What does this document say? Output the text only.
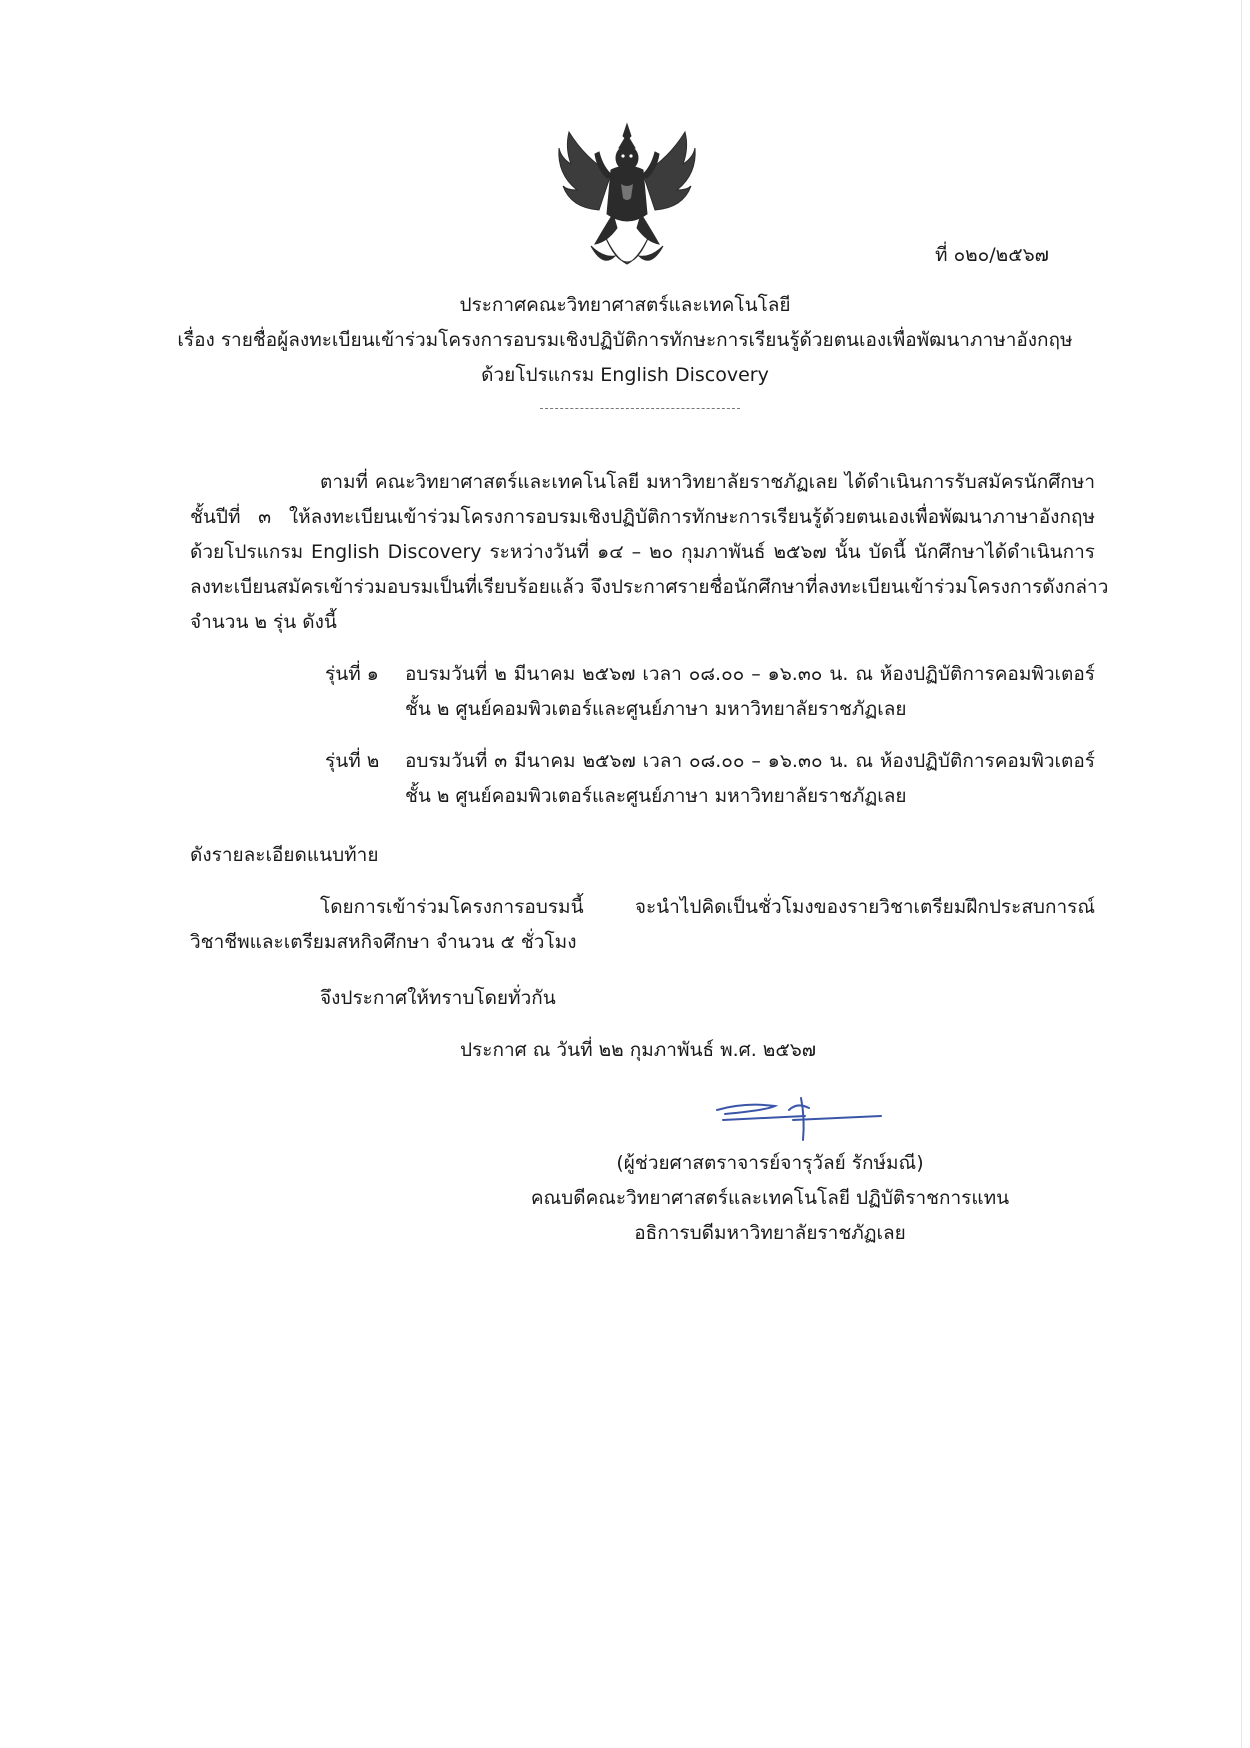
ที่ ๐๒๐/๒๕๖๗
ประกาศคณะวิทยาศาสตร์และเทคโนโลยี
เรื่อง รายชื่อผู้ลงทะเบียนเข้าร่วมโครงการอบรมเชิงปฏิบัติการทักษะการเรียนรู้ด้วยตนเองเพื่อพัฒนาภาษาอังกฤษ
ด้วยโปรแกรม English Discovery
ตามที่ คณะวิทยาศาสตร์และเทคโนโลยี มหาวิทยาลัยราชภัฏเลย ได้ดำเนินการรับสมัครนักศึกษา
ชั้นปีที่ ๓ ให้ลงทะเบียนเข้าร่วมโครงการอบรมเชิงปฏิบัติการทักษะการเรียนรู้ด้วยตนเองเพื่อพัฒนาภาษาอังกฤษ
ด้วยโปรแกรม English Discovery ระหว่างวันที่ ๑๔ – ๒๐ กุมภาพันธ์ ๒๕๖๗ นั้น บัดนี้ นักศึกษาได้ดำเนินการ
ลงทะเบียนสมัครเข้าร่วมอบรมเป็นที่เรียบร้อยแล้ว จึงประกาศรายชื่อนักศึกษาที่ลงทะเบียนเข้าร่วมโครงการดังกล่าว
จำนวน ๒ รุ่น ดังนี้
รุ่นที่ ๑ อบรมวันที่ ๒ มีนาคม ๒๕๖๗ เวลา ๐๘.๐๐ – ๑๖.๓๐ น. ณ ห้องปฏิบัติการคอมพิวเตอร์
ชั้น ๒ ศูนย์คอมพิวเตอร์และศูนย์ภาษา มหาวิทยาลัยราชภัฏเลย
รุ่นที่ ๒ อบรมวันที่ ๓ มีนาคม ๒๕๖๗ เวลา ๐๘.๐๐ – ๑๖.๓๐ น. ณ ห้องปฏิบัติการคอมพิวเตอร์
ชั้น ๒ ศูนย์คอมพิวเตอร์และศูนย์ภาษา มหาวิทยาลัยราชภัฏเลย
ดังรายละเอียดแนบท้าย
โดยการเข้าร่วมโครงการอบรมนี้ จะนำไปคิดเป็นชั่วโมงของรายวิชาเตรียมฝึกประสบการณ์
วิชาชีพและเตรียมสหกิจศึกษา จำนวน ๕ ชั่วโมง
จึงประกาศให้ทราบโดยทั่วกัน
ประกาศ ณ วันที่ ๒๒ กุมภาพันธ์ พ.ศ. ๒๕๖๗
(ผู้ช่วยศาสตราจารย์จารุวัลย์ รักษ์มณี)
คณบดีคณะวิทยาศาสตร์และเทคโนโลยี ปฏิบัติราชการแทน
อธิการบดีมหาวิทยาลัยราชภัฏเลย
